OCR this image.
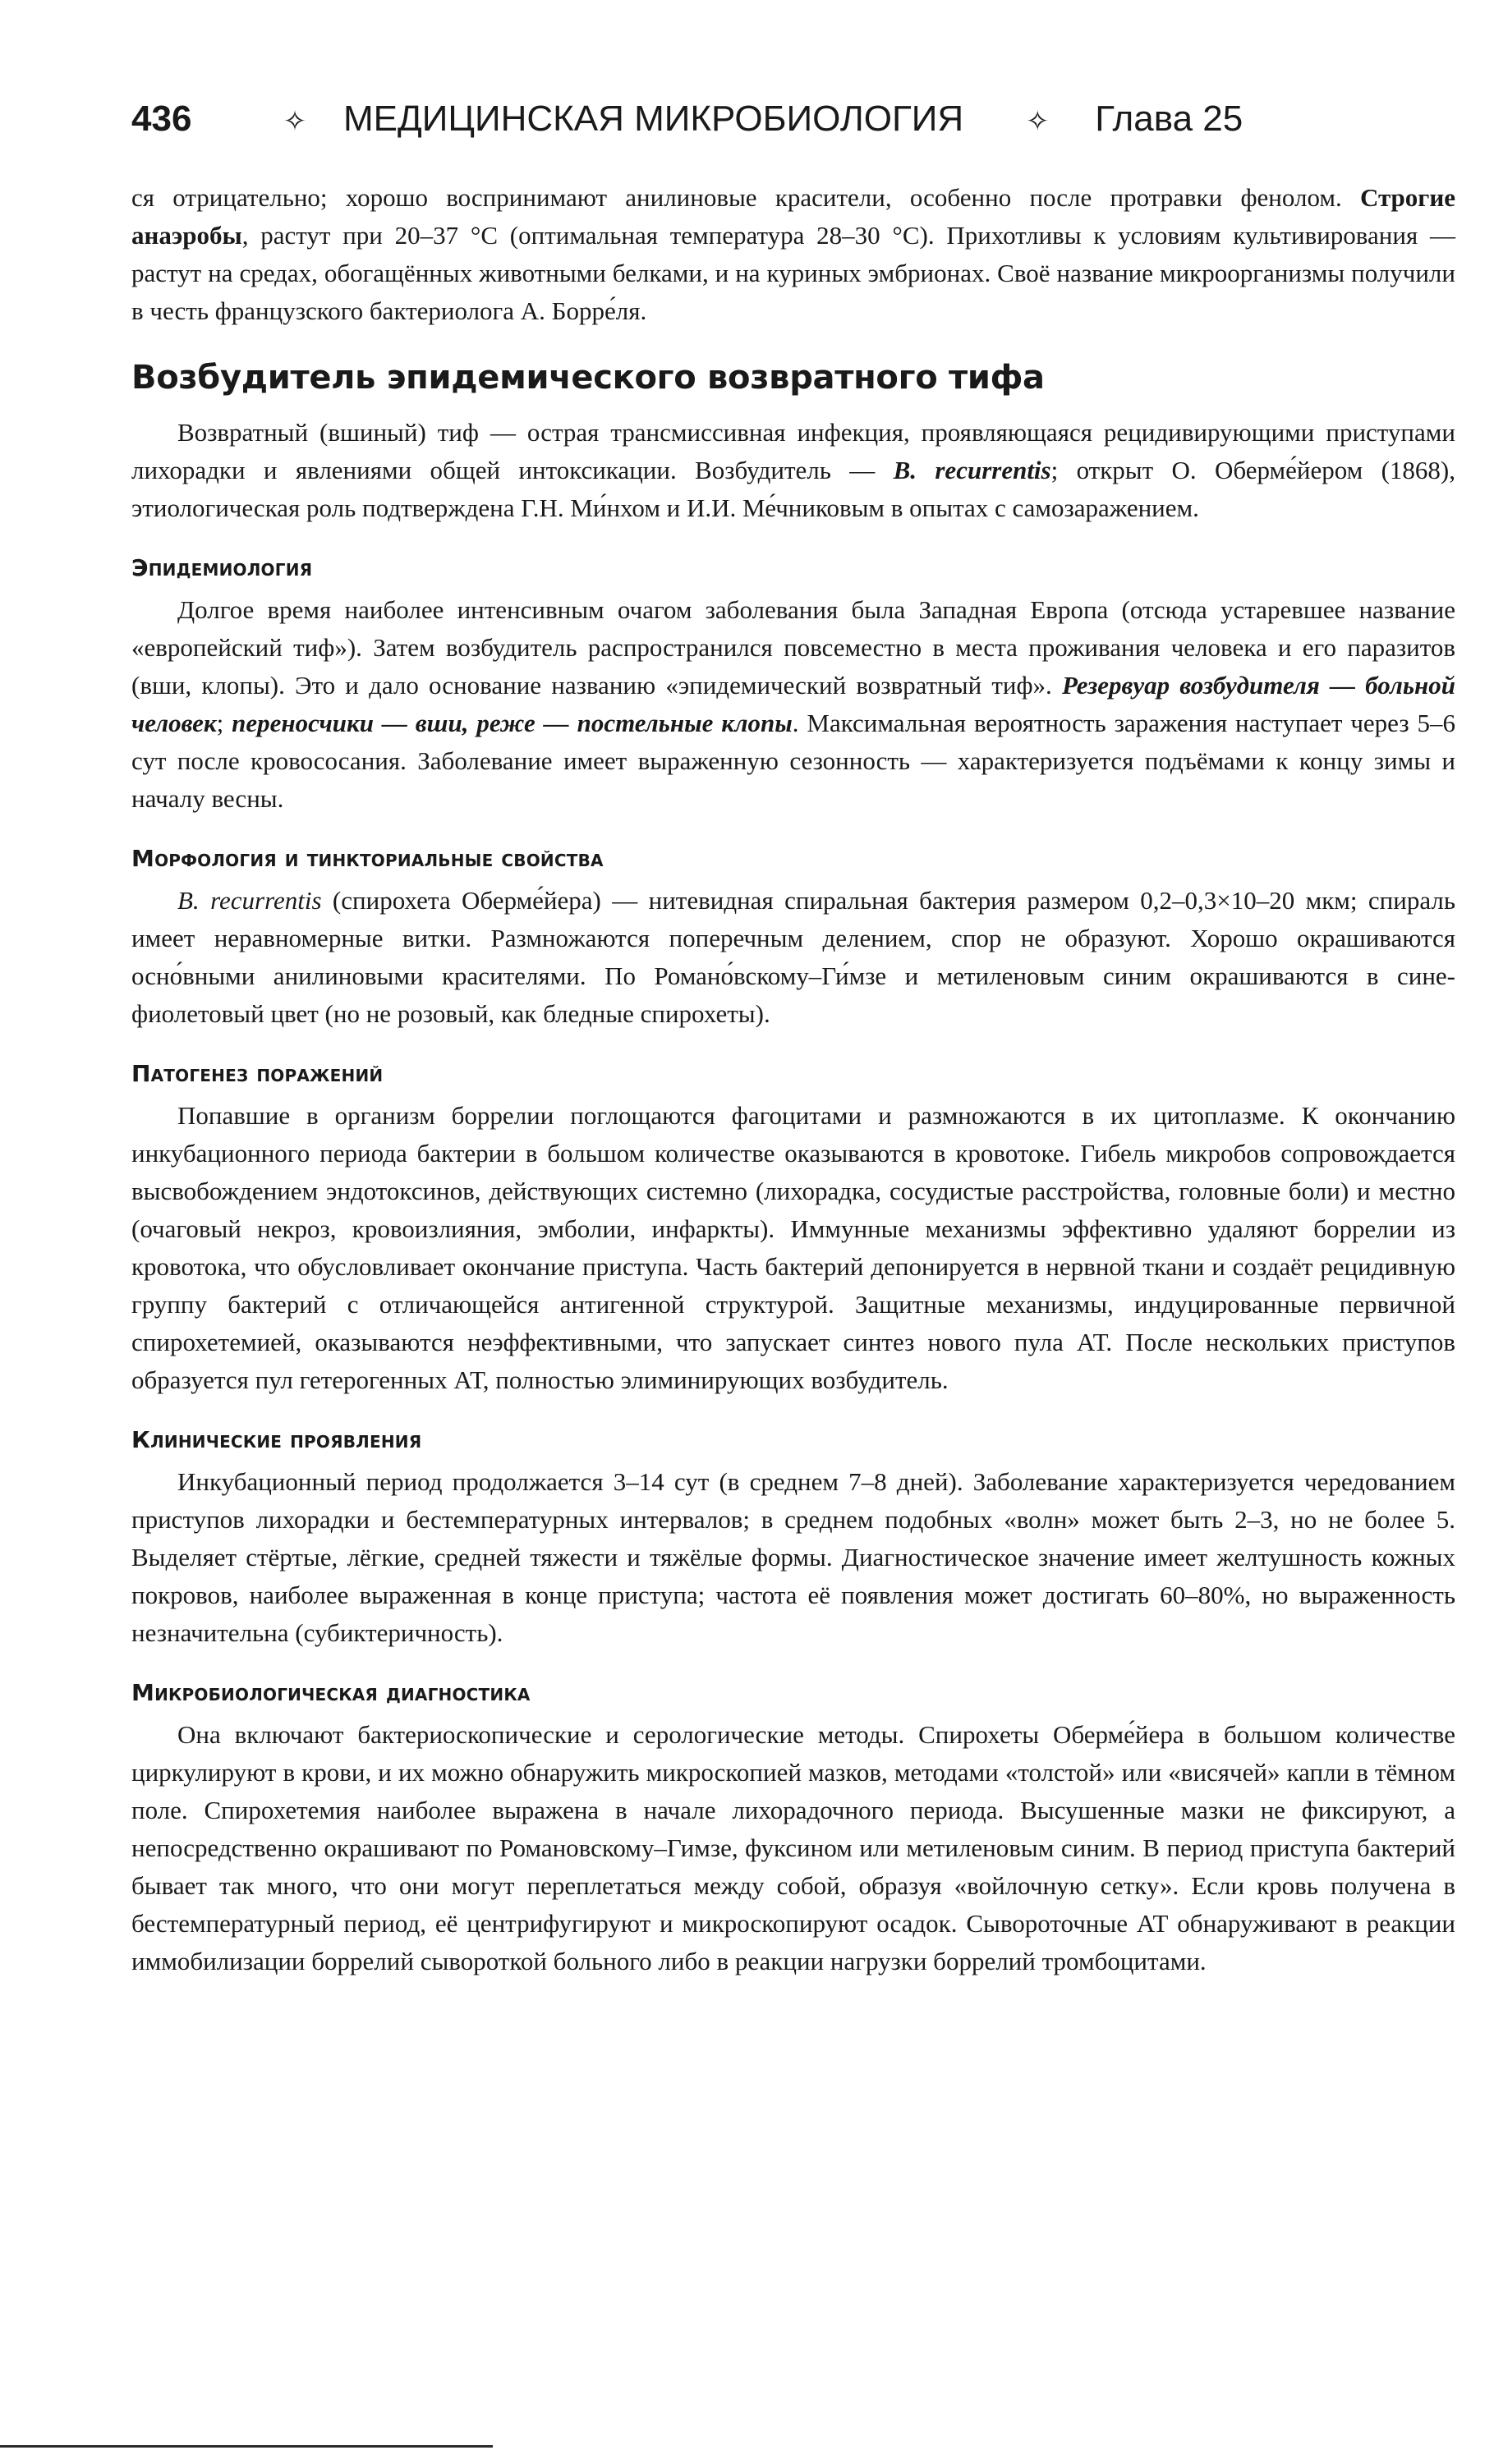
436	✧	МЕДИЦИНСКАЯ МИКРОБИОЛОГИЯ	✧	Глава 25

ся отрицательно; хорошо воспринимают анилиновые красители, особенно после протравки фенолом. Строгие анаэробы, растут при 20–37 °С (оптимальная температура 28–30 °С). Прихотливы к условиям культивирования — растут на средах, обогащённых животными белками, и на куриных эмбрионах. Своё название микроорганизмы получили в честь французского бактериолога А. Борре́ля.

Возбудитель эпидемического возвратного тифа

Возвратный (вшиный) тиф — острая трансмиссивная инфекция, проявляющаяся рецидивирующими приступами лихорадки и явлениями общей интоксикации. Возбудитель — B. recurrentis; открыт О. Оберме́йером (1868), этиологическая роль подтверждена Г.Н. Ми́нхом и И.И. Ме́чниковым в опытах с самозаражением.

Эпидемиология

Долгое время наиболее интенсивным очагом заболевания была Западная Европа (отсюда устаревшее название «европейский тиф»). Затем возбудитель распространился повсеместно в места проживания человека и его паразитов (вши, клопы). Это и дало основание названию «эпидемический возвратный тиф». Резервуар возбудителя — больной человек; переносчики — вши, реже — постельные клопы. Максимальная вероятность заражения наступает через 5–6 сут после кровососания. Заболевание имеет выраженную сезонность — характеризуется подъёмами к концу зимы и началу весны.

Морфология и тинкториальные свойства

B. recurrentis (спирохета Оберме́йера) — нитевидная спиральная бактерия размером 0,2–0,3×10–20 мкм; спираль имеет неравномерные витки. Размножаются поперечным делением, спор не образуют. Хорошо окрашиваются осно́вными анилиновыми красителями. По Романо́вскому–Ги́мзе и метиленовым синим окрашиваются в сине-фиолетовый цвет (но не розовый, как бледные спирохеты).

Патогенез поражений

Попавшие в организм боррелии поглощаются фагоцитами и размножаются в их цитоплазме. К окончанию инкубационного периода бактерии в большом количестве оказываются в кровотоке. Гибель микробов сопровождается высвобождением эндотоксинов, действующих системно (лихорадка, сосудистые расстройства, головные боли) и местно (очаговый некроз, кровоизлияния, эмболии, инфаркты). Иммунные механизмы эффективно удаляют боррелии из кровотока, что обусловливает окончание приступа. Часть бактерий депонируется в нервной ткани и создаёт рецидивную группу бактерий с отличающейся антигенной структурой. Защитные механизмы, индуцированные первичной спирохетемией, оказываются неэффективными, что запускает синтез нового пула АТ. После нескольких приступов образуется пул гетерогенных АТ, полностью элиминирующих возбудитель.

Клинические проявления

Инкубационный период продолжается 3–14 сут (в среднем 7–8 дней). Заболевание характеризуется чередованием приступов лихорадки и бестемпературных интервалов; в среднем подобных «волн» может быть 2–3, но не более 5. Выделяет стёртые, лёгкие, средней тяжести и тяжёлые формы. Диагностическое значение имеет желтушность кожных покровов, наиболее выраженная в конце приступа; частота её появления может достигать 60–80%, но выраженность незначительна (субиктеричность).

Микробиологическая диагностика

Она включают бактериоскопические и серологические методы. Спирохеты Оберме́йера в большом количестве циркулируют в крови, и их можно обнаружить микроскопией мазков, методами «толстой» или «висячей» капли в тёмном поле. Спирохетемия наиболее выражена в начале лихорадочного периода. Высушенные мазки не фиксируют, а непосредственно окрашивают по Романовскому–Гимзе, фуксином или метиленовым синим. В период приступа бактерий бывает так много, что они могут переплетаться между собой, образуя «войлочную сетку». Если кровь получена в бестемпературный период, её центрифугируют и микроскопируют осадок. Сывороточные АТ обнаруживают в реакции иммобилизации боррелий сывороткой больного либо в реакции нагрузки боррелий тромбоцитами.
